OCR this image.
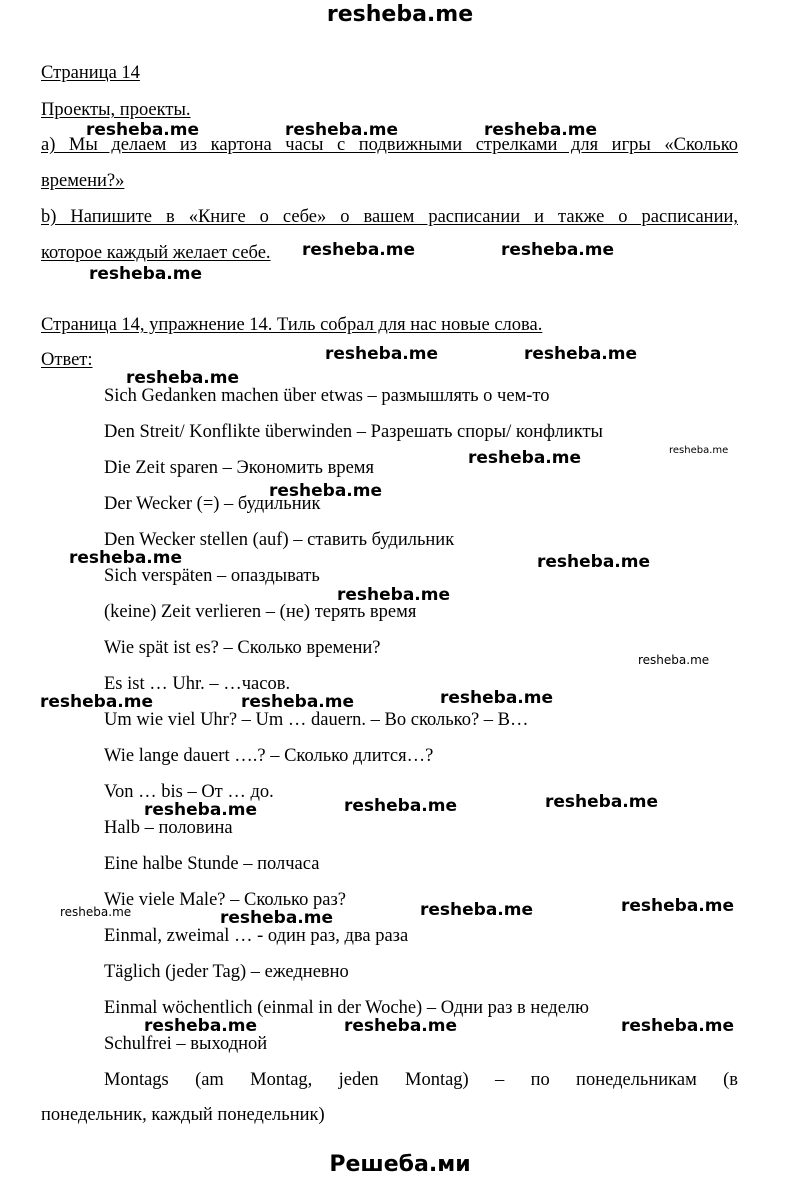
resheba.me
Страница 14
Проекты, проекты.
a) Мы делаем из картона часы с подвижными стрелками для игры «Сколько
времени?»
b) Напишите в «Книге о себе» о вашем расписании и также о расписании,
которое каждый желает себе.
Страница 14, упражнение 14. Тиль собрал для нас новые слова.
Ответ:
Sich Gedanken machen über etwas – размышлять о чем-то
Den Streit/ Konflikte überwinden – Разрешать споры/ конфликты
Die Zeit sparen – Экономить время
Der Wecker (=) – будильник
Den Wecker stellen (auf) – ставить будильник
Sich verspäten – опаздывать
(keine) Zeit verlieren – (не) терять время
Wie spät ist es? – Сколько времени?
Es ist … Uhr. – …часов.
Um wie viel Uhr? – Um … dauern. – Во сколько? – В…
Wie lange dauert ….? – Сколько длится…?
Von … bis – От … до.
Halb – половина
Eine halbe Stunde – полчаса
Wie viele Male? – Сколько раз?
Einmal, zweimal … - один раз, два раза
Täglich (jeder Tag) – ежедневно
Einmal wöchentlich (einmal in der Woche) – Одни раз в неделю
Schulfrei – выходной
Montags (am Montag, jeden Montag) – по понедельникам (в
понедельник, каждый понедельник)
resheba.me	resheba.me	resheba.me
resheba.me	resheba.me
resheba.me
resheba.me	resheba.me
resheba.me
resheba.me	resheba.me
resheba.me
resheba.me	resheba.me
resheba.me
resheba.me
resheba.me	resheba.me	resheba.me
resheba.me	resheba.me	resheba.me
resheba.me	resheba.me	resheba.me	resheba.me
resheba.me	resheba.me	resheba.me
Решеба.ми
